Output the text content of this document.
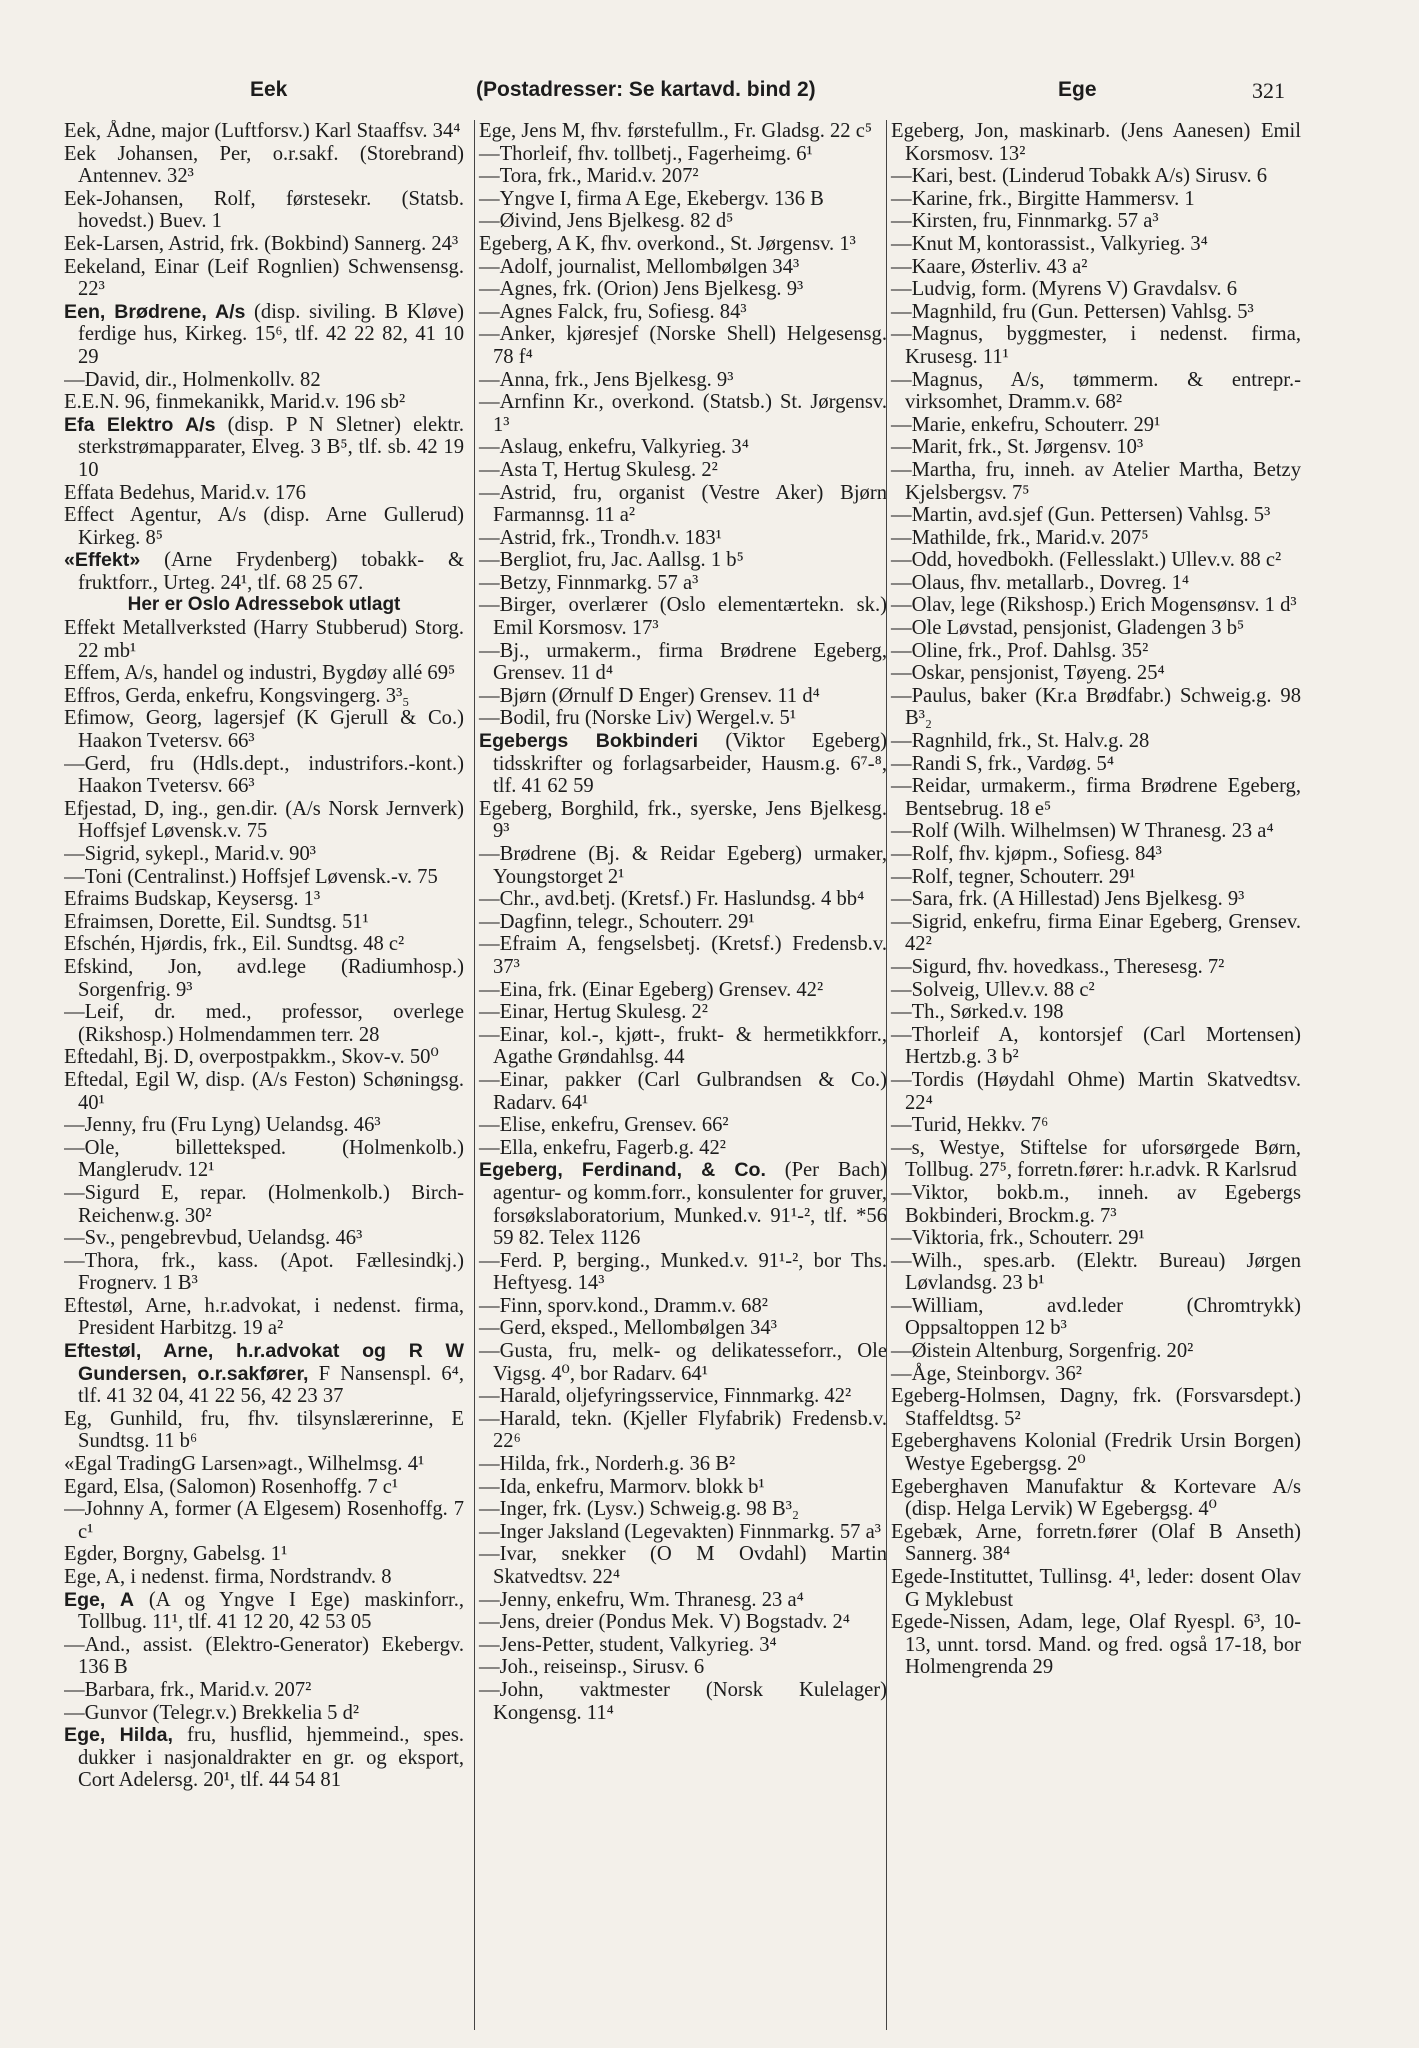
Eek	(Postadresser: Se kartavd. bind 2)	Ege	321

Eek, Ådne, major (Luftforsv.) Karl Staaffsv. 34⁴

Eek Johansen, Per, o.r.sakf. (Storebrand) Antennev. 32³

Eek-Johansen, Rolf, førstesekr. (Statsb. hovedst.) Buev. 1

Eek-Larsen, Astrid, frk. (Bokbind) Sannerg. 24³

Eekeland, Einar (Leif Rognlien) Schwensensg. 22³

Een, Brødrene, A/s (disp. siviling. B Kløve) ferdige hus, Kirkeg. 15⁶, tlf. 42 22 82, 41 10 29

—David, dir., Holmenkollv. 82

E.E.N. 96, finmekanikk, Marid.v. 196 sb²

Efa Elektro A/s (disp. P N Sletner) elektr. sterkstrømapparater, Elveg. 3 B⁵, tlf. sb. 42 19 10

Effata Bedehus, Marid.v. 176

Effect Agentur, A/s (disp. Arne Gullerud) Kirkeg. 8⁵

«Effekt» (Arne Frydenberg) tobakk- & fruktforr., Urteg. 24¹, tlf. 68 25 67.

Her er Oslo Adressebok utlagt

Effekt Metallverksted (Harry Stubberud) Storg. 22 mb¹

Effem, A/s, handel og industri, Bygdøy allé 69⁵

Effros, Gerda, enkefru, Kongsvingerg. 3³₅

Efimow, Georg, lagersjef (K Gjerull & Co.) Haakon Tvetersv. 66³

—Gerd, fru (Hdls.dept., industrifors.-kont.) Haakon Tvetersv. 66³

Efjestad, D, ing., gen.dir. (A/s Norsk Jernverk) Hoffsjef Løvensk.v. 75

—Sigrid, sykepl., Marid.v. 90³

—Toni (Centralinst.) Hoffsjef Løvensk.-v. 75

Efraims Budskap, Keysersg. 1³

Efraimsen, Dorette, Eil. Sundtsg. 51¹

Efschén, Hjørdis, frk., Eil. Sundtsg. 48 c²

Efskind, Jon, avd.lege (Radiumhosp.) Sorgenfrig. 9³

—Leif, dr. med., professor, overlege (Rikshosp.) Holmendammen terr. 28

Eftedahl, Bj. D, overpostpakkm., Skov-v. 50⁰

Eftedal, Egil W, disp. (A/s Feston) Schøningsg. 40¹

—Jenny, fru (Fru Lyng) Uelandsg. 46³

—Ole, billetteksped. (Holmenkolb.) Manglerudv. 12¹

—Sigurd E, repar. (Holmenkolb.) Birch-Reichenw.g. 30²

—Sv., pengebrevbud, Uelandsg. 46³

—Thora, frk., kass. (Apot. Fællesindkj.) Frognerv. 1 B³

Eftestøl, Arne, h.r.advokat, i nedenst. firma, President Harbitzg. 19 a²

Eftestøl, Arne, h.r.advokat og R W Gundersen, o.r.sakfører, F Nansenspl. 6⁴, tlf. 41 32 04, 41 22 56, 42 23 37

Eg, Gunhild, fru, fhv. tilsynslærerinne, E Sundtsg. 11 b⁶

«Egal TradingG Larsen»agt., Wilhelmsg. 4¹

Egard, Elsa, (Salomon) Rosenhoffg. 7 c¹

—Johnny A, former (A Elgesem) Rosenhoffg. 7 c¹

Egder, Borgny, Gabelsg. 1¹

Ege, A, i nedenst. firma, Nordstrandv. 8

Ege, A (A og Yngve I Ege) maskinforr., Tollbug. 11¹, tlf. 41 12 20, 42 53 05

—And., assist. (Elektro-Generator) Ekebergv. 136 B

—Barbara, frk., Marid.v. 207²

—Gunvor (Telegr.v.) Brekkelia 5 d²

Ege, Hilda, fru, husflid, hjemmeind., spes. dukker i nasjonaldrakter en gr. og eksport, Cort Adelersg. 20¹, tlf. 44 54 81

Ege, Jens M, fhv. førstefullm., Fr. Gladsg. 22 c⁵

—Thorleif, fhv. tollbetj., Fagerheimg. 6¹

—Tora, frk., Marid.v. 207²

—Yngve I, firma A Ege, Ekebergv. 136 B

—Øivind, Jens Bjelkesg. 82 d⁵

Egeberg, A K, fhv. overkond., St. Jørgensv. 1³

—Adolf, journalist, Mellombølgen 34³

—Agnes, frk. (Orion) Jens Bjelkesg. 9³

—Agnes Falck, fru, Sofiesg. 84³

—Anker, kjøresjef (Norske Shell) Helgesensg. 78 f⁴

—Anna, frk., Jens Bjelkesg. 9³

—Arnfinn Kr., overkond. (Statsb.) St. Jørgensv. 1³

—Aslaug, enkefru, Valkyrieg. 3⁴

—Asta T, Hertug Skulesg. 2²

—Astrid, fru, organist (Vestre Aker) Bjørn Farmannsg. 11 a²

—Astrid, frk., Trondh.v. 183¹

—Bergliot, fru, Jac. Aallsg. 1 b⁵

—Betzy, Finnmarkg. 57 a³

—Birger, overlærer (Oslo elementærtekn. sk.) Emil Korsmosv. 17³

—Bj., urmakerm., firma Brødrene Egeberg, Grensev. 11 d⁴

—Bjørn (Ørnulf D Enger) Grensev. 11 d⁴

—Bodil, fru (Norske Liv) Wergel.v. 5¹

Egebergs Bokbinderi (Viktor Egeberg) tidsskrifter og forlagsarbeider, Hausm.g. 6⁷-⁸, tlf. 41 62 59

Egeberg, Borghild, frk., syerske, Jens Bjelkesg. 9³

—Brødrene (Bj. & Reidar Egeberg) urmaker, Youngstorget 2¹

—Chr., avd.betj. (Kretsf.) Fr. Haslundsg. 4 bb⁴

—Dagfinn, telegr., Schouterr. 29¹

—Efraim A, fengselsbetj. (Kretsf.) Fredensb.v. 37³

—Eina, frk. (Einar Egeberg) Grensev. 42²

—Einar, Hertug Skulesg. 2²

—Einar, kol.-, kjøtt-, frukt- & hermetikkforr., Agathe Grøndahlsg. 44

—Einar, pakker (Carl Gulbrandsen & Co.) Radarv. 64¹

—Elise, enkefru, Grensev. 66²

—Ella, enkefru, Fagerb.g. 42²

Egeberg, Ferdinand, & Co. (Per Bach) agentur- og komm.forr., konsulenter for gruver, forsøkslaboratorium, Munked.v. 91¹-², tlf. *56 59 82. Telex 1126

—Ferd. P, berging., Munked.v. 91¹-², bor Ths. Heftyesg. 14³

—Finn, sporv.kond., Dramm.v. 68²

—Gerd, eksped., Mellombølgen 34³

—Gusta, fru, melk- og delikatesseforr., Ole Vigsg. 4⁰, bor Radarv. 64¹

—Harald, oljefyringsservice, Finnmarkg. 42²

—Harald, tekn. (Kjeller Flyfabrik) Fredensb.v. 22⁶

—Hilda, frk., Norderh.g. 36 B²

—Ida, enkefru, Marmorv. blokk b¹

—Inger, frk. (Lysv.) Schweig.g. 98 B³₂

—Inger Jaksland (Legevakten) Finnmarkg. 57 a³

—Ivar, snekker (O M Ovdahl) Martin Skatvedtsv. 22⁴

—Jenny, enkefru, Wm. Thranesg. 23 a⁴

—Jens, dreier (Pondus Mek. V) Bogstadv. 2⁴

—Jens-Petter, student, Valkyrieg. 3⁴

—Joh., reiseinsp., Sirusv. 6

—John, vaktmester (Norsk Kulelager) Kongensg. 11⁴

Egeberg, Jon, maskinarb. (Jens Aanesen) Emil Korsmosv. 13²

—Kari, best. (Linderud Tobakk A/s) Sirusv. 6

—Karine, frk., Birgitte Hammersv. 1

—Kirsten, fru, Finnmarkg. 57 a³

—Knut M, kontorassist., Valkyrieg. 3⁴

—Kaare, Østerliv. 43 a²

—Ludvig, form. (Myrens V) Gravdalsv. 6

—Magnhild, fru (Gun. Pettersen) Vahlsg. 5³

—Magnus, byggmester, i nedenst. firma, Krusesg. 11¹

—Magnus, A/s, tømmerm. & entrepr.-virksomhet, Dramm.v. 68²

—Marie, enkefru, Schouterr. 29¹

—Marit, frk., St. Jørgensv. 10³

—Martha, fru, inneh. av Atelier Martha, Betzy Kjelsbergsv. 7⁵

—Martin, avd.sjef (Gun. Pettersen) Vahlsg. 5³

—Mathilde, frk., Marid.v. 207⁵

—Odd, hovedbokh. (Fellesslakt.) Ullev.v. 88 c²

—Olaus, fhv. metallarb., Dovreg. 1⁴

—Olav, lege (Rikshosp.) Erich Mogensønsv. 1 d³

—Ole Løvstad, pensjonist, Gladengen 3 b⁵

—Oline, frk., Prof. Dahlsg. 35²

—Oskar, pensjonist, Tøyeng. 25⁴

—Paulus, baker (Kr.a Brødfabr.) Schweig.g. 98 B³₂

—Ragnhild, frk., St. Halv.g. 28

—Randi S, frk., Vardøg. 5⁴

—Reidar, urmakerm., firma Brødrene Egeberg, Bentsebrug. 18 e⁵

—Rolf (Wilh. Wilhelmsen) W Thranesg. 23 a⁴

—Rolf, fhv. kjøpm., Sofiesg. 84³

—Rolf, tegner, Schouterr. 29¹

—Sara, frk. (A Hillestad) Jens Bjelkesg. 9³

—Sigrid, enkefru, firma Einar Egeberg, Grensev. 42²

—Sigurd, fhv. hovedkass., Theresesg. 7²

—Solveig, Ullev.v. 88 c²

—Th., Sørked.v. 198

—Thorleif A, kontorsjef (Carl Mortensen) Hertzb.g. 3 b²

—Tordis (Høydahl Ohme) Martin Skatvedtsv. 22⁴

—Turid, Hekkv. 7⁶

—s, Westye, Stiftelse for uforsørgede Børn, Tollbug. 27⁵, forretn.fører: h.r.advk. R Karlsrud

—Viktor, bokb.m., inneh. av Egebergs Bokbinderi, Brockm.g. 7³

—Viktoria, frk., Schouterr. 29¹

—Wilh., spes.arb. (Elektr. Bureau) Jørgen Løvlandsg. 23 b¹

—William, avd.leder (Chromtrykk) Oppsaltoppen 12 b³

—Øistein Altenburg, Sorgenfrig. 20²

—Åge, Steinborgv. 36²

Egeberg-Holmsen, Dagny, frk. (Forsvarsdept.) Staffeldtsg. 5²

Egeberghavens Kolonial (Fredrik Ursin Borgen) Westye Egebergsg. 2⁰

Egeberghaven Manufaktur & Kortevare A/s (disp. Helga Lervik) W Egebergsg. 4⁰

Egebæk, Arne, forretn.fører (Olaf B Anseth) Sannerg. 38⁴

Egede-Instituttet, Tullinsg. 4¹, leder: dosent Olav G Myklebust

Egede-Nissen, Adam, lege, Olaf Ryespl. 6³, 10-13, unnt. torsd. Mand. og fred. også 17-18, bor Holmengrenda 29
